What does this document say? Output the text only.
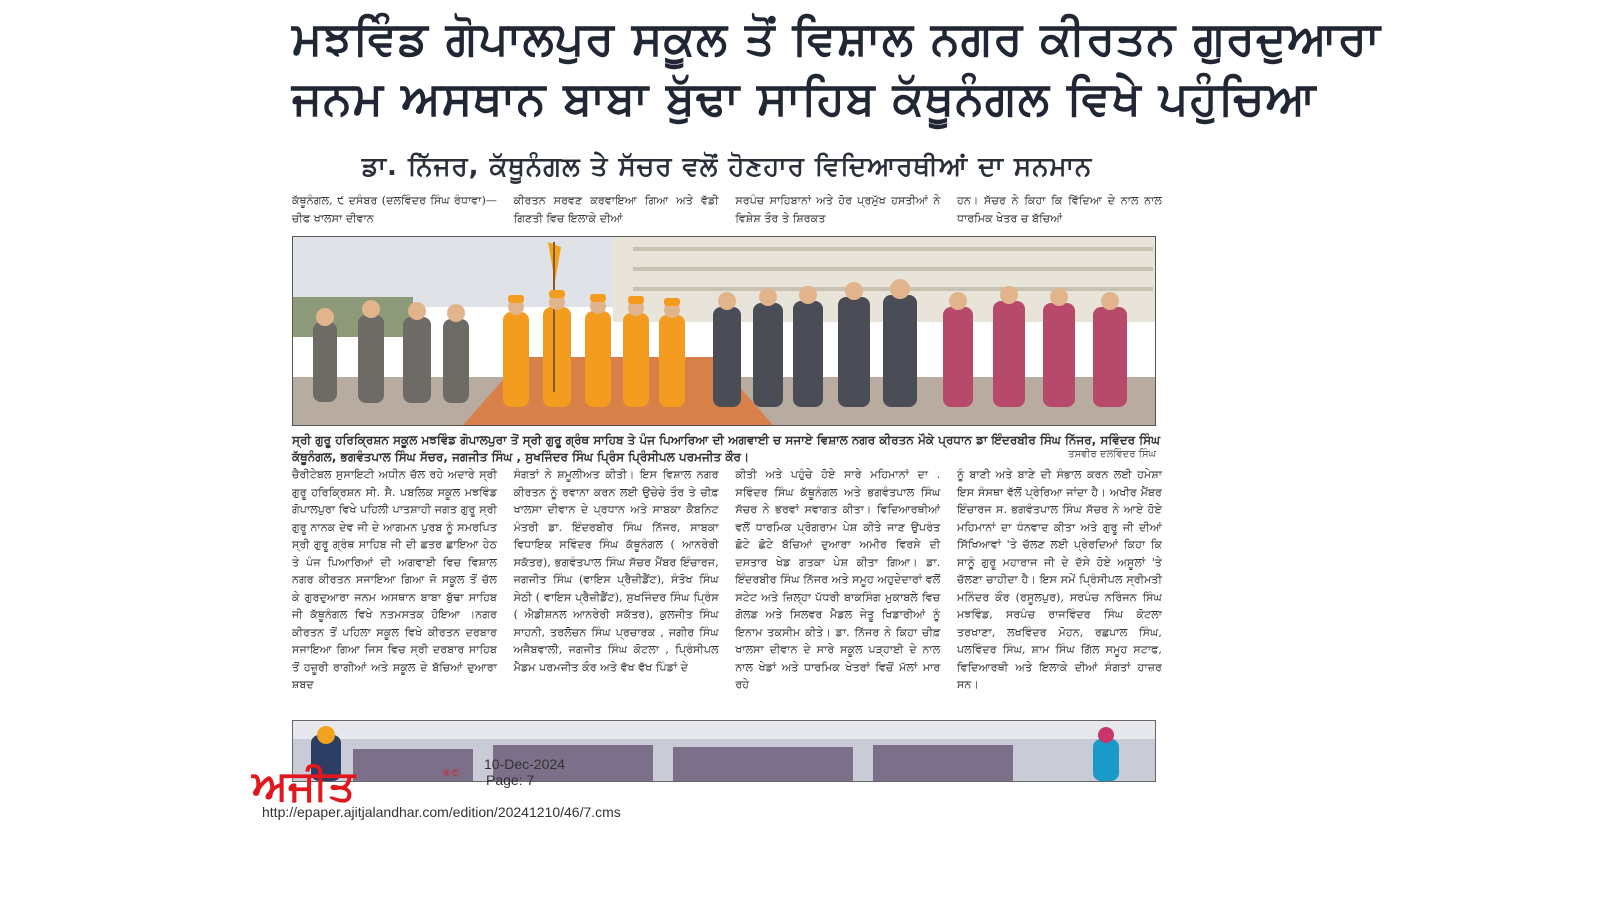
ਮਝਵਿੰਡ ਗੋਪਾਲਪੁਰ ਸਕੂਲ ਤੋਂ ਵਿਸ਼ਾਲ ਨਗਰ ਕੀਰਤਨ ਗੁਰਦੁਆਰਾ
ਜਨਮ ਅਸਥਾਨ ਬਾਬਾ ਬੁੱਢਾ ਸਾਹਿਬ ਕੱਥੂਨੰਗਲ ਵਿਖੇ ਪਹੁੰਚਿਆ
ਡਾ. ਨਿੱਜਰ, ਕੱਥੂਨੰਗਲ ਤੇ ਸੱਚਰ ਵਲੋਂ ਹੋਣਹਾਰ ਵਿਦਿਆਰਥੀਆਂ ਦਾ ਸਨਮਾਨ
ਕੱਥੂਨੰਗਲ, ੯ ਦਸੰਬਰ (ਦਲਵਿੰਦਰ ਸਿੰਘ ਰੰਧਾਵਾ)—ਚੀਫ ਖਾਲਸਾ ਦੀਵਾਨ
ਕੀਰਤਨ ਸਰਵਣ ਕਰਵਾਇਆ ਗਿਆ ਅਤੇ ਵੱਡੀ ਗਿਣਤੀ ਵਿਚ ਇਲਾਕੇ ਦੀਆਂ
ਸਰਪੰਚ ਸਾਹਿਬਾਨਾਂ ਅਤੇ ਹੋਰ ਪ੍ਰਮੁੱਖ ਹਸਤੀਆਂ ਨੇ ਵਿਸ਼ੇਸ਼ ਤੌਰ ਤੇ ਸ਼ਿਰਕਤ
ਹਨ। ਸੱਚਰ ਨੇ ਕਿਹਾ ਕਿ ਵਿੱਦਿਆ ਦੇ ਨਾਲ ਨਾਲ ਧਾਰਮਿਕ ਖੇਤਰ ਚ ਬੱਚਿਆਂ
ਸ੍ਰੀ ਗੁਰੂ ਹਰਿਕ੍ਰਿਸ਼ਨ ਸਕੂਲ ਮਝਵਿੰਡ ਗੋਪਾਲਪੁਰਾ ਤੋਂ ਸ੍ਰੀ ਗੁਰੂ ਗ੍ਰੰਥ ਸਾਹਿਬ ਤੇ ਪੰਜ ਪਿਆਰਿਆ ਦੀ ਅਗਵਾਈ ਚ ਸਜਾਏ ਵਿਸ਼ਾਲ ਨਗਰ ਕੀਰਤਨ ਮੌਕੇ ਪ੍ਰਧਾਨ ਡਾ ਇੰਦਰਬੀਰ ਸਿੰਘ ਨਿੱਜਰ, ਸਵਿੰਦਰ ਸਿੰਘ ਕੱਥੂਨੰਗਲ, ਭਗਵੰਤਪਾਲ ਸਿੰਘ ਸੱਚਰ, ਜਗਜੀਤ ਸਿੰਘ , ਸੁਖਜਿੰਦਰ ਸਿੰਘ ਪ੍ਰਿੰਸ ਪ੍ਰਿੰਸੀਪਲ ਪਰਮਜੀਤ ਕੌਰ।	ਤਸਵੀਰ ਦਲਵਿੰਦਰ ਸਿੰਘ
ਚੈਰੀਟੇਬਲ ਸੁਸਾਇਟੀ ਅਧੀਨ ਚੱਲ ਰਹੇ ਅਦਾਰੇ ਸ੍ਰੀ ਗੁਰੂ ਹਰਿਕ੍ਰਿਸ਼ਨ ਸੀ. ਸੈ. ਪਬਲਿਕ ਸਕੂਲ ਮਝਵਿੰਡ ਗੋਪਾਲਪੁਰਾ ਵਿਖੇ ਪਹਿਲੀ ਪਾਤਸ਼ਾਹੀ ਜਗਤ ਗੁਰੂ ਸ੍ਰੀ ਗੁਰੂ ਨਾਨਕ ਦੇਵ ਜੀ ਦੇ ਆਗਮਨ ਪੁਰਬ ਨੂੰ ਸਮਰਪਿਤ ਸ੍ਰੀ ਗੁਰੂ ਗ੍ਰੰਥ ਸਾਹਿਬ ਜੀ ਦੀ ਛਤਰ ਛਾਇਆ ਹੇਠ ਤੇ ਪੰਜ ਪਿਆਰਿਆਂ ਦੀ ਅਗਵਾਈ ਵਿਚ ਵਿਸ਼ਾਲ ਨਗਰ ਕੀਰਤਨ ਸਜਾਇਆ ਗਿਆ ਜੋ ਸਕੂਲ ਤੋਂ ਚੱਲ ਕੇ ਗੁਰਦੁਆਰਾ ਜਨਮ ਅਸਥਾਨ ਬਾਬਾ ਬੁੱਢਾ ਸਾਹਿਬ ਜੀ ਕੱਥੂਨੰਗਲ ਵਿਖੇ ਨਤਮਸਤਕ ਹੋਇਆ ।ਨਗਰ ਕੀਰਤਨ ਤੋਂ ਪਹਿਲਾ ਸਕੂਲ ਵਿਖੇ ਕੀਰਤਨ ਦਰਬਾਰ ਸਜਾਇਆ ਗਿਆ ਜਿਸ ਵਿਚ ਸ੍ਰੀ ਦਰਬਾਰ ਸਾਹਿਬ ਤੋਂ ਹਜ਼ੂਰੀ ਰਾਗੀਆਂ ਅਤੇ ਸਕੂਲ ਦੇ ਬੱਚਿਆਂ ਦੁਆਰਾ ਸ਼ਬਦ
ਸੰਗਤਾਂ ਨੇ ਸ਼ਮੂਲੀਅਤ ਕੀਤੀ। ਇਸ ਵਿਸ਼ਾਲ ਨਗਰ ਕੀਰਤਨ ਨੂੰ ਰਵਾਨਾ ਕਰਨ ਲਈ ਉਚੇਚੇ ਤੌਰ ਤੇ ਚੀਫ਼ ਖਾਲਸਾ ਦੀਵਾਨ ਦੇ ਪ੍ਰਧਾਨ ਅਤੇ ਸਾਬਕਾ ਕੈਬਨਿਟ ਮੰਤਰੀ ਡਾ. ਇੰਦਰਬੀਰ ਸਿੰਘ ਨਿੱਜਰ, ਸਾਬਕਾ ਵਿਧਾਇਕ ਸਵਿੰਦਰ ਸਿੰਘ ਕੱਥੂਨੰਗਲ ( ਆਨਰੇਰੀ ਸਕੱਤਰ), ਭਗਵੰਤਪਾਲ ਸਿੰਘ ਸੱਚਰ ਮੈਂਬਰ ਇੰਚਾਰਜ, ਜਗਜੀਤ ਸਿੰਘ (ਵਾਇਸ ਪ੍ਰੈਜ਼ੀਡੈਂਟ), ਸੰਤੋਖ ਸਿੰਘ ਸੇਠੀ ( ਵਾਇਸ ਪ੍ਰੈਜ਼ੀਡੈਂਟ), ਸੁਖਜਿੰਦਰ ਸਿੰਘ ਪ੍ਰਿੰਸ ( ਐਡੀਸ਼ਨਲ ਆਨਰੇਰੀ ਸਕੱਤਰ), ਕੁਲਜੀਤ ਸਿੰਘ ਸਾਹਨੀ, ਤਰਲੋਚਨ ਸਿੰਘ ਪ੍ਰਚਾਰਕ , ਜਗੀਰ ਸਿੰਘ ਅਜੈਬਵਾਲੀ, ਜਗਜੀਤ ਸਿੰਘ ਕੋਟਲਾ , ਪ੍ਰਿੰਸੀਪਲ ਮੈਡਮ ਪਰਮਜੀਤ ਕੌਰ ਅਤੇ ਵੱਖ ਵੱਖ ਪਿੰਡਾਂ ਦੇ
ਕੀਤੀ ਅਤੇ ਪਹੁੰਚੇ ਹੋਏ ਸਾਰੇ ਮਹਿਮਾਨਾਂ ਦਾ . ਸਵਿੰਦਰ ਸਿੰਘ ਕੱਥੂਨੰਗਲ ਅਤੇ ਭਗਵੰਤਪਾਲ ਸਿੰਘ ਸੱਚਰ ਨੇ ਭਰਵਾਂ ਸਵਾਗਤ ਕੀਤਾ। ਵਿਦਿਆਰਥੀਆਂ ਵਲੋਂ ਧਾਰਮਿਕ ਪ੍ਰੋਗਰਾਮ ਪੇਸ਼ ਕੀਤੇ ਜਾਣ ਉਪਰੰਤ ਛੋਟੇ ਛੋਟੇ ਬੱਚਿਆਂ ਦੁਆਰਾ ਅਮੀਰ ਵਿਰਸੇ ਦੀ ਦਸਤਾਰ ਖੇਡ ਗਤਕਾ ਪੇਸ਼ ਕੀਤਾ ਗਿਆ। ਡਾ. ਇੰਦਰਬੀਰ ਸਿੰਘ ਨਿੱਜਰ ਅਤੇ ਸਮੂਹ ਅਹੁਦੇਦਾਰਾਂ ਵਲੋਂ ਸਟੇਟ ਅਤੇ ਜ਼ਿਲ੍ਹਾ ਪੱਧਰੀ ਬਾਕਸਿੰਗ ਮੁਕਾਬਲੇ ਵਿਚ ਗੋਲਡ ਅਤੇ ਸਿਲਵਰ ਮੈਡਲ ਜੇਤੂ ਖਿਡਾਰੀਆਂ ਨੂੰ ਇਨਾਮ ਤਕਸੀਮ ਕੀਤੇ। ਡਾ. ਨਿੱਜਰ ਨੇ ਕਿਹਾ ਚੀਫ਼ ਖਾਲਸਾ ਦੀਵਾਨ ਦੇ ਸਾਰੇ ਸਕੂਲ ਪੜ੍ਹਾਈ ਦੇ ਨਾਲ ਨਾਲ ਖੇਡਾਂ ਅਤੇ ਧਾਰਮਿਕ ਖੇਤਰਾਂ ਵਿਚੋਂ ਮੱਲਾਂ ਮਾਰ ਰਹੇ
ਨੂੰ ਬਾਣੀ ਅਤੇ ਬਾਣੇ ਦੀ ਸੰਭਾਲ ਕਰਨ ਲਈ ਹਮੇਸ਼ਾ ਇਸ ਸੰਸਥਾ ਵੱਲੋਂ ਪ੍ਰੇਰਿਆ ਜਾਂਦਾ ਹੈ। ਅਖੀਰ ਮੈਂਬਰ ਇੰਚਾਰਜ ਸ. ਭਗਵੰਤਪਾਲ ਸਿੰਘ ਸੱਚਰ ਨੇ ਆਏ ਹੋਏ ਮਹਿਮਾਨਾਂ ਦਾ ਧੰਨਵਾਦ ਕੀਤਾ ਅਤੇ ਗੁਰੂ ਜੀ ਦੀਆਂ ਸਿੱਖਿਆਵਾਂ 'ਤੇ ਚੱਲਣ ਲਈ ਪ੍ਰੇਰਦਿਆਂ ਕਿਹਾ ਕਿ ਸਾਨੂੰ ਗੁਰੂ ਮਹਾਰਾਜ ਜੀ ਦੇ ਦੱਸੇ ਹੋਏ ਅਸੂਲਾਂ 'ਤੇ ਚੱਲਣਾ ਚਾਹੀਦਾ ਹੈ। ਇਸ ਸਮੇਂ ਪ੍ਰਿੰਸੀਪਲ ਸ੍ਰੀਮਤੀ ਮਨਿੰਦਰ ਕੌਰ (ਰਸੂਲਪੁਰ), ਸਰਪੰਚ ਨਰਿੰਜਨ ਸਿੰਘ ਮਝਵਿੰਡ, ਸਰਪੰਚ ਰਾਜਵਿੰਦਰ ਸਿੰਘ ਕੋਟਲਾ ਤਰਖਾਣਾ, ਲਖਵਿੰਦਰ ਮੋਹਨ, ਰਛਪਾਲ ਸਿੰਘ, ਪਲਵਿੰਦਰ ਸਿੰਘ, ਸ਼ਾਮ ਸਿੰਘ ਗਿੱਲ ਸਮੂਹ ਸਟਾਫ, ਵਿਦਿਆਰਥੀ ਅਤੇ ਇਲਾਕੇ ਦੀਆਂ ਸੰਗਤਾਂ ਹਾਜ਼ਰ ਸਨ।
ਅਜੀਤ	®©
10-Dec-2024
Page: 7
http://epaper.ajitjalandhar.com/edition/20241210/46/7.cms
